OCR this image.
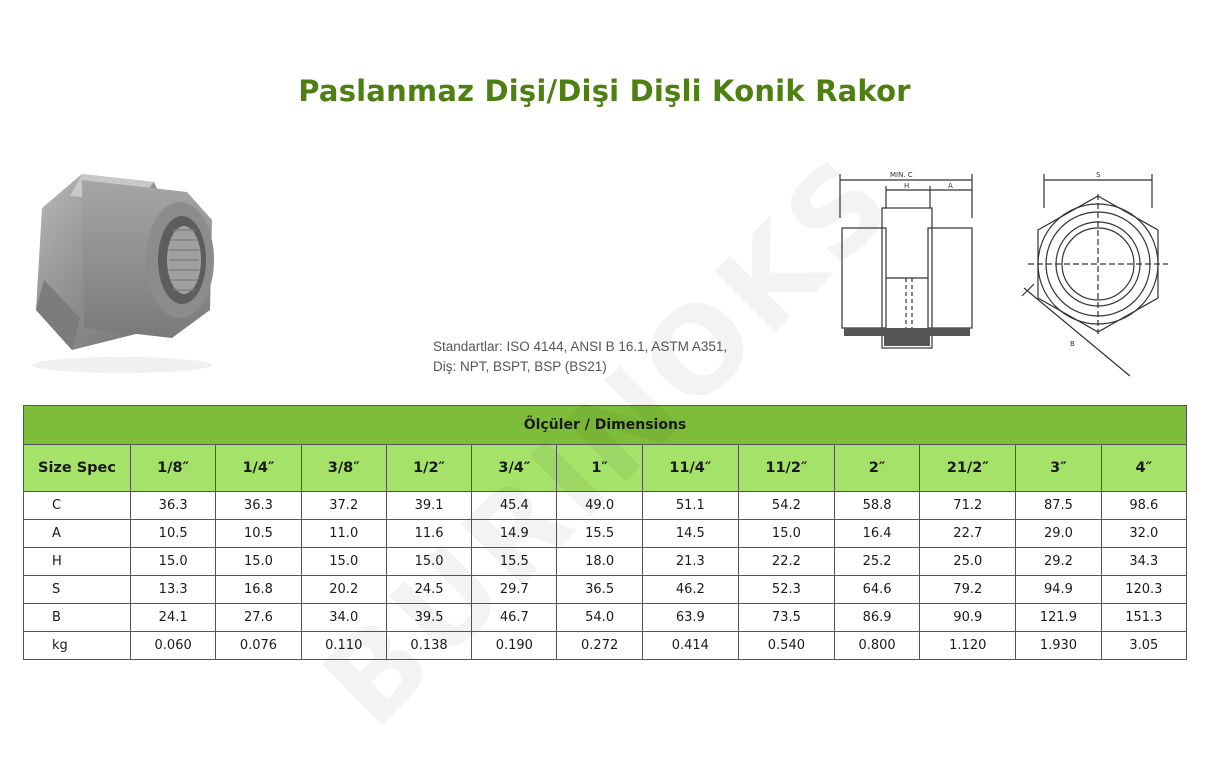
Paslanmaz Dişi/Dişi Dişli Konik Rakor
Standartlar: ISO 4144, ANSI B 16.1, ASTM A351,
Diş: NPT, BSPT, BSP (BS21)
MIN. C
H	A
S
B
Ölçüler / Dimensions												
Size Spec	1/8″	1/4″	3/8″	1/2″	3/4″	1″	11/4″	11/2″	2″	21/2″	3″	4″
C	36.3	36.3	37.2	39.1	45.4	49.0	51.1	54.2	58.8	71.2	87.5	98.6
A	10.5	10.5	11.0	11.6	14.9	15.5	14.5	15.0	16.4	22.7	29.0	32.0
H	15.0	15.0	15.0	15.0	15.5	18.0	21.3	22.2	25.2	25.0	29.2	34.3
S	13.3	16.8	20.2	24.5	29.7	36.5	46.2	52.3	64.6	79.2	94.9	120.3
B	24.1	27.6	34.0	39.5	46.7	54.0	63.9	73.5	86.9	90.9	121.9	151.3
kg	0.060	0.076	0.110	0.138	0.190	0.272	0.414	0.540	0.800	1.120	1.930	3.05
